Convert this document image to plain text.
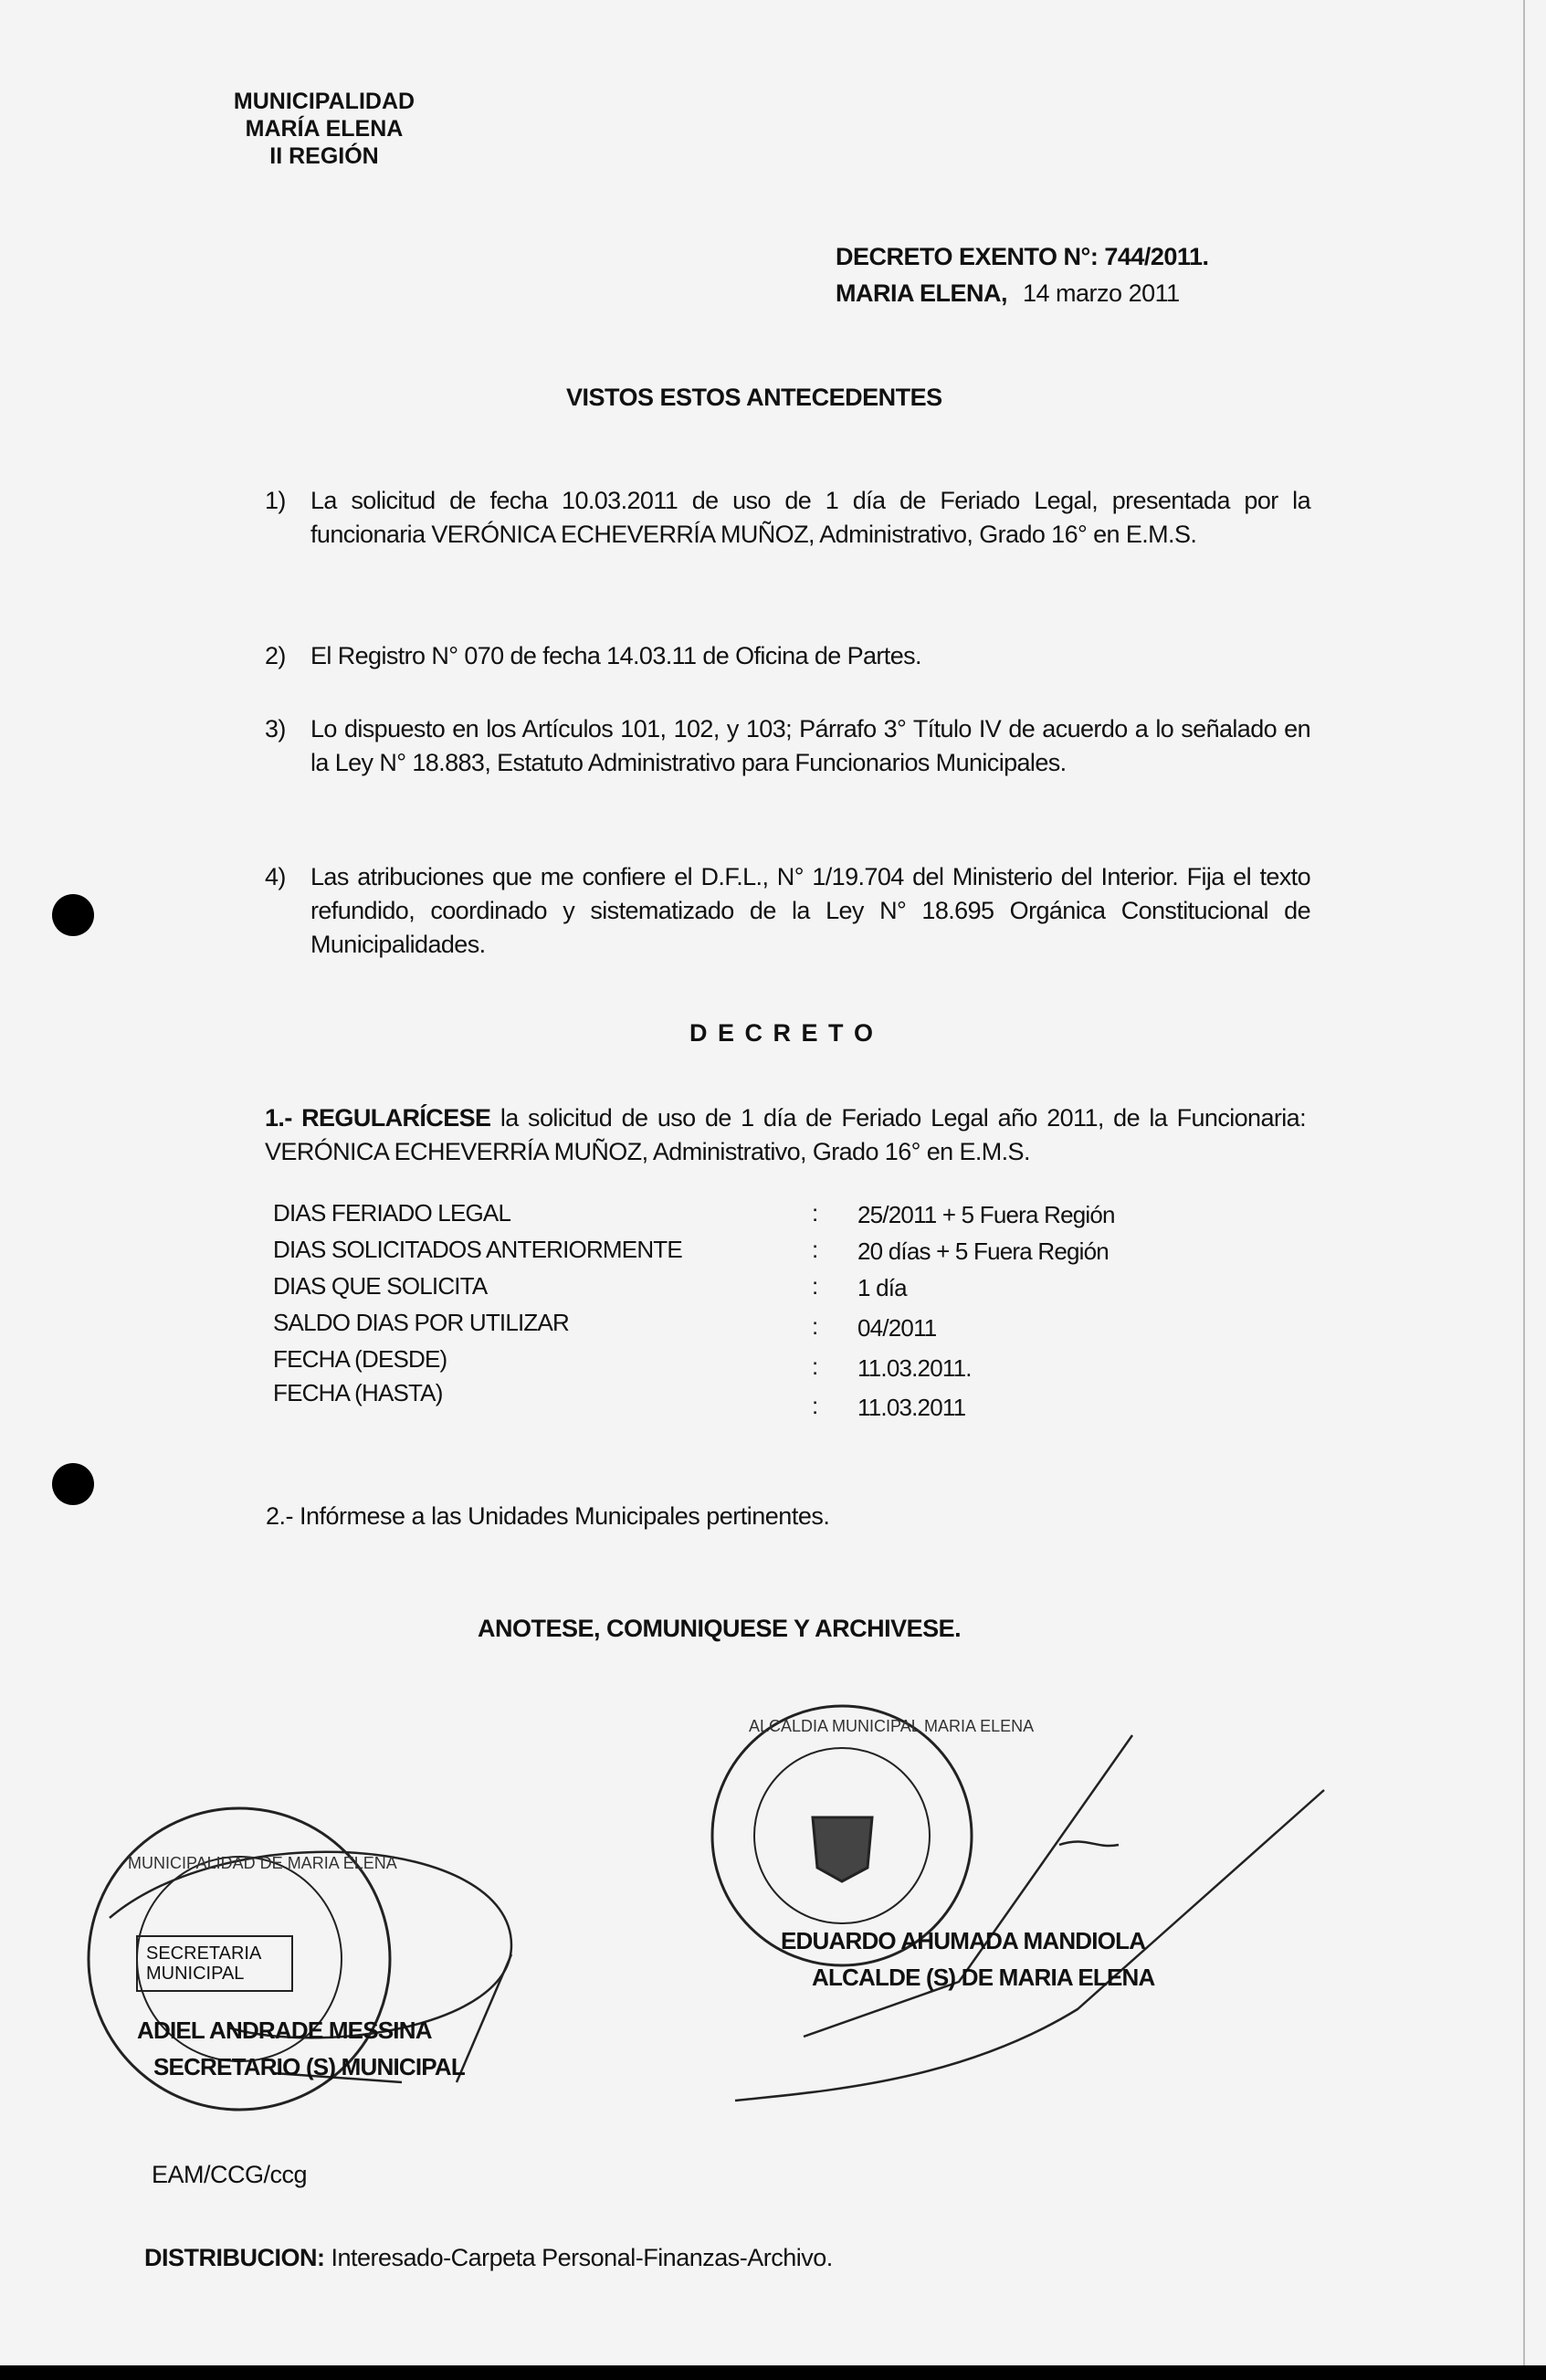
MUNICIPALIDAD
MARÍA ELENA
II REGIÓN
DECRETO EXENTO N°: 744/2011.
MARIA ELENA, 14 marzo 2011
VISTOS ESTOS ANTECEDENTES
1) La solicitud de fecha 10.03.2011 de uso de 1 día de Feriado Legal, presentada por la funcionaria VERÓNICA ECHEVERRÍA MUÑOZ, Administrativo, Grado 16° en E.M.S.
2) El Registro N° 070 de fecha 14.03.11 de Oficina de Partes.
3) Lo dispuesto en los Artículos 101, 102, y 103; Párrafo 3° Título IV de acuerdo a lo señalado en la Ley N° 18.883, Estatuto Administrativo para Funcionarios Municipales.
4) Las atribuciones que me confiere el D.F.L., N° 1/19.704 del Ministerio del Interior. Fija el texto refundido, coordinado y sistematizado de la Ley N° 18.695 Orgánica Constitucional de Municipalidades.
D E C R E T O
1.- REGULARÍCESE la solicitud de uso de 1 día de Feriado Legal año 2011, de la Funcionaria: VERÓNICA ECHEVERRÍA MUÑOZ, Administrativo, Grado 16° en E.M.S.
DIAS FERIADO LEGAL	: 25/2011 + 5 Fuera Región
DIAS SOLICITADOS ANTERIORMENTE	: 20 días + 5 Fuera Región
DIAS QUE SOLICITA	: 1 día
SALDO DIAS POR UTILIZAR	: 04/2011
FECHA (DESDE)	: 11.03.2011.
FECHA (HASTA)	: 11.03.2011
2.- Infórmese a las Unidades Municipales pertinentes.
ANOTESE, COMUNIQUESE Y ARCHIVESE.
ADIEL ANDRADE MESSINA
SECRETARIO (S) MUNICIPAL
SECRETARIA MUNICIPAL
MUNICIPALIDAD DE MARIA ELENA
EDUARDO AHUMADA MANDIOLA
ALCALDE (S) DE MARIA ELENA
ALCALDIA MUNICIPAL MARIA ELENA
EAM/CCG/ccg
DISTRIBUCION: Interesado-Carpeta Personal-Finanzas-Archivo.
